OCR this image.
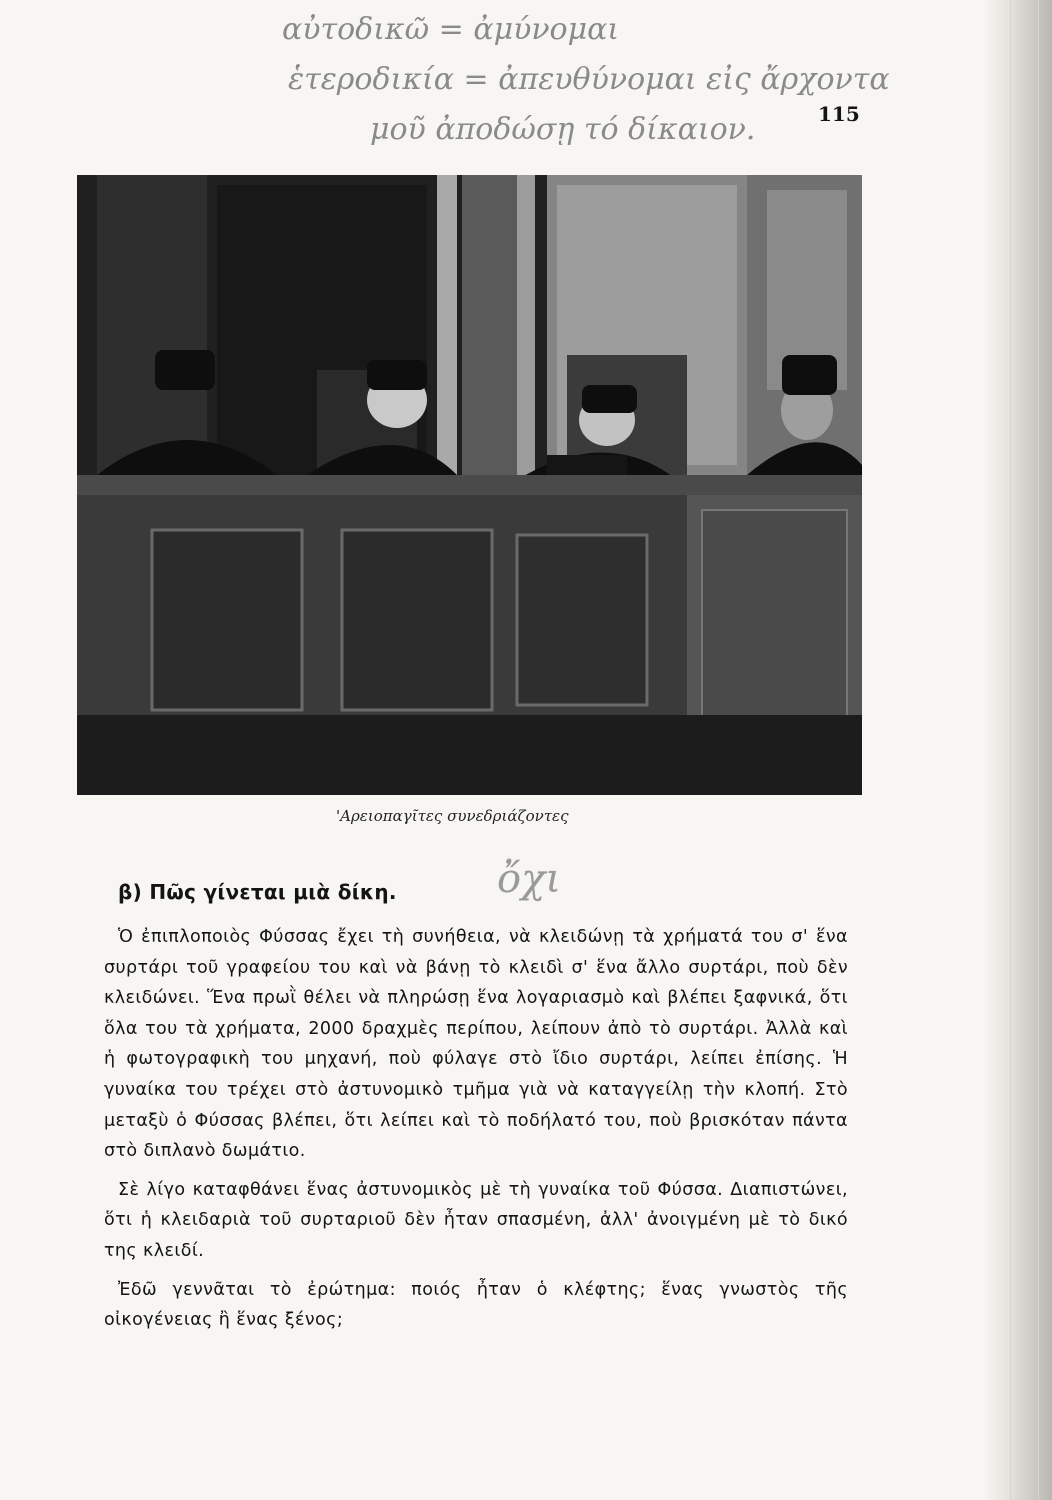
αὐτοδικῶ = ἀμύνομαι
ἑτεροδικία = ἀπευθύνομαι εἰς ἄρχοντα
μοῦ ἀποδώσῃ τό δίκαιον.	115
'Αρειοπαγῖτες συνεδριάζοντες
ὄχι
β) Πῶς γίνεται μιὰ δίκη.

Ὁ ἐπιπλοποιὸς Φύσσας ἔχει τὴ συνήθεια, νὰ κλειδώνῃ τὰ χρήματά του σ' ἕνα συρτάρι τοῦ γραφείου του καὶ νὰ βάνῃ τὸ κλειδὶ σ' ἕνα ἄλλο συρτάρι, ποὺ δὲν κλειδώνει. Ἕνα πρωῒ θέλει νὰ πληρώσῃ ἕνα λογαριασμὸ καὶ βλέπει ξαφνικά, ὅτι ὅλα του τὰ χρήματα, 2000 δραχμὲς περίπου, λείπουν ἀπὸ τὸ συρτάρι. Ἀλλὰ καὶ ἡ φωτογραφικὴ του μηχανή, ποὺ φύλαγε στὸ ἴδιο συρτάρι, λείπει ἐπίσης. Ἡ γυναίκα του τρέχει στὸ ἀστυνομικὸ τμῆμα γιὰ νὰ καταγγείλῃ τὴν κλοπή. Στὸ μεταξὺ ὁ Φύσσας βλέπει, ὅτι λείπει καὶ τὸ ποδήλατό του, ποὺ βρισκόταν πάντα στὸ διπλανὸ δωμάτιο.

Σὲ λίγο καταφθάνει ἕνας ἀστυνομικὸς μὲ τὴ γυναίκα τοῦ Φύσσα. Διαπιστώνει, ὅτι ἡ κλειδαριὰ τοῦ συρταριοῦ δὲν ἦταν σπασμένη, ἀλλ' ἀνοιγμένη μὲ τὸ δικό της κλειδί.

Ἐδῶ γεννᾶται τὸ ἐρώτημα: ποιός ἦταν ὁ κλέφτης; ἕνας γνωστὸς τῆς οἰκογένειας ἢ ἕνας ξένος;
